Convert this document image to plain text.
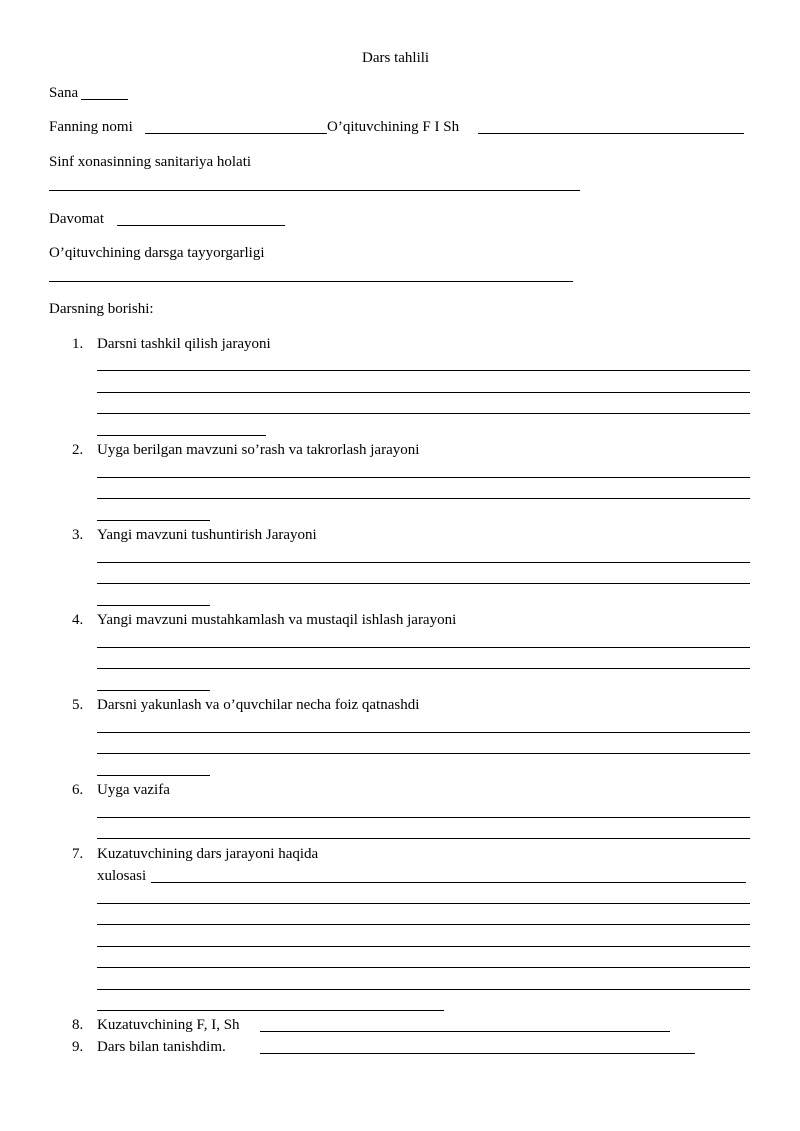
Dars tahlili
Sana
Fanning nomi	O’qituvchining F I Sh
Sinf xonasinning sanitariya holati
Davomat
O’qituvchining darsga tayyorgarligi
Darsning borishi:
1. Darsni tashkil qilish jarayoni
2. Uyga berilgan mavzuni so’rash va takrorlash jarayoni
3. Yangi mavzuni tushuntirish Jarayoni
4. Yangi mavzuni mustahkamlash va mustaqil ishlash jarayoni
5. Darsni yakunlash va o’quvchilar necha foiz qatnashdi
6. Uyga vazifa
7. Kuzatuvchining dars jarayoni haqida
xulosasi
8. Kuzatuvchining F, I, Sh
9. Dars bilan tanishdim.
